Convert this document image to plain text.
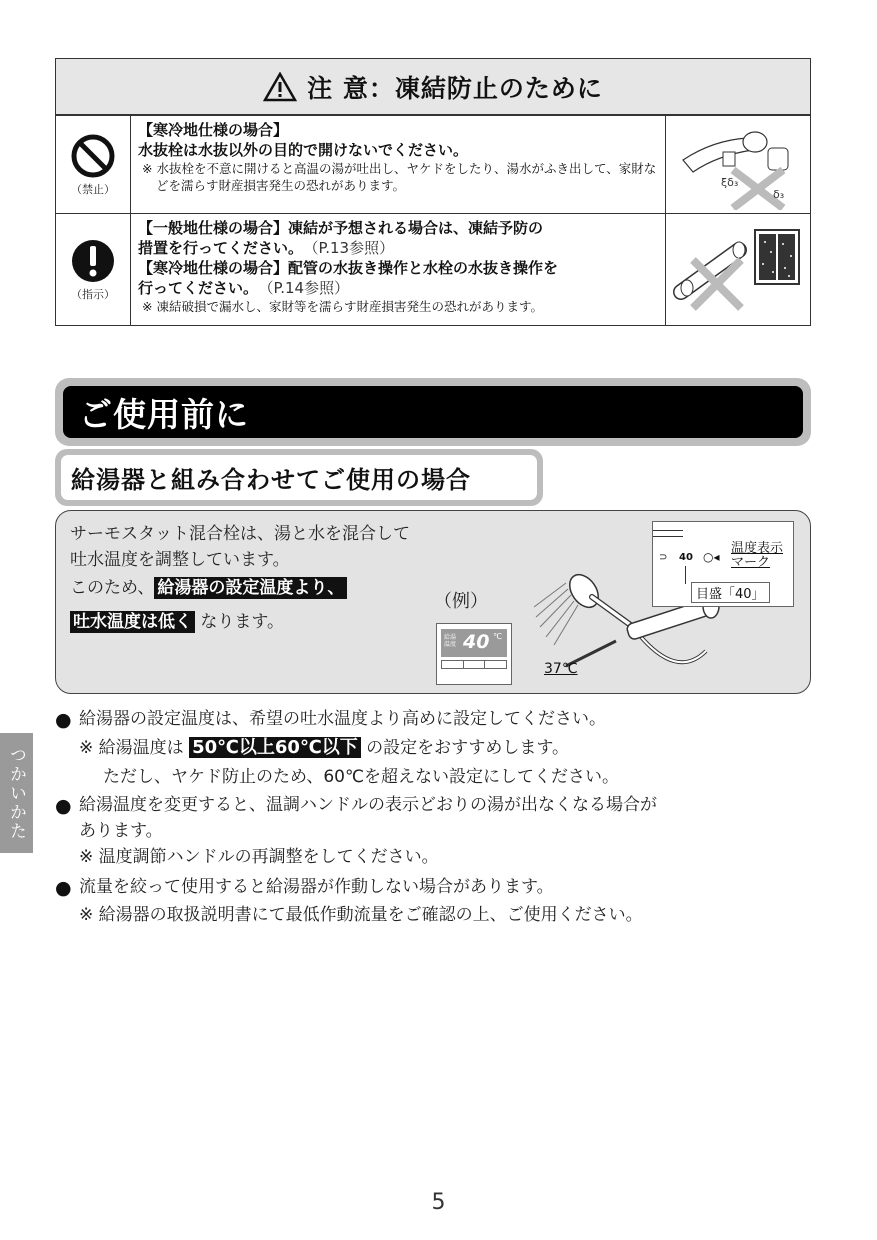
注 意：凍結防止のために
（禁止）
【寒冷地仕様の場合】
水抜栓は水抜以外の目的で開けないでください。
※ 水抜栓を不意に開けると高温の湯が吐出し、ヤケドをしたり、湯水がふき出して、家財などを濡らす財産損害発生の恐れがあります。	ξδ₃
δ₃
（指示）
【一般地仕様の場合】凍結が予想される場合は、凍結予防の
措置を行ってください。 （P.13参照）
【寒冷地仕様の場合】配管の水抜き操作と水栓の水抜き操作を
行ってください。 （P.14参照）
※ 凍結破損で漏水し、家財等を濡らす財産損害発生の恐れがあります。
ご使用前に
給湯器と組み合わせてご使用の場合
サーモスタット混合栓は、湯と水を混合して
吐水温度を調整しています。
このため、 給湯器の設定温度より、
吐水温度は低く なります。
（例）
給湯
温度 40 ℃
37℃
⊃ 40 ○◂
温度表示
マーク
目盛「40」
● 給湯器の設定温度は、希望の吐水温度より高めに設定してください。
※ 給湯温度は 50℃以上60℃以下 の設定をおすすめします。
ただし、ヤケド防止のため、60℃を超えない設定にしてください。
● 給湯温度を変更すると、温調ハンドルの表示どおりの湯が出なくなる場合が
あります。
※ 温度調節ハンドルの再調整をしてください。
● 流量を絞って使用すると給湯器が作動しない場合があります。
※ 給湯器の取扱説明書にて最低作動流量をご確認の上、ご使用ください。
つかいかた
5
